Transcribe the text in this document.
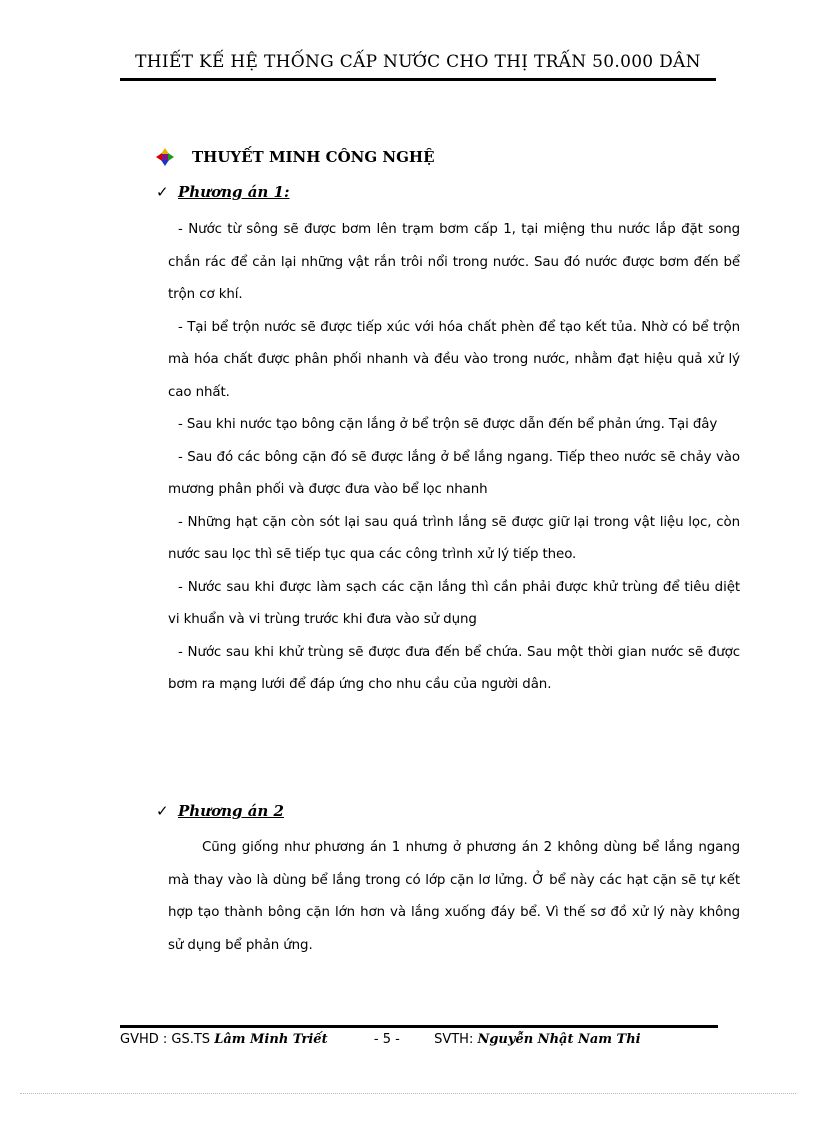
THIẾT KẾ HỆ THỐNG CẤP NƯỚC CHO THỊ TRẤN 50.000 DÂN
THUYẾT MINH CÔNG NGHỆ
✓ Phương án 1:

- Nước từ sông sẽ được bơm lên trạm bơm cấp 1, tại miệng thu nước lắp đặt song chắn rác để cản lại những vật rắn trôi nổi trong nước. Sau đó nước được bơm đến bể trộn cơ khí.

- Tại bể trộn nước sẽ được tiếp xúc với hóa chất phèn để tạo kết tủa. Nhờ có bể trộn mà hóa chất được phân phối nhanh và đều vào trong nước, nhằm đạt hiệu quả xử lý cao nhất.

- Sau khi nước tạo bông cặn lắng ở bể trộn sẽ được dẫn đến bể phản ứng. Tại đây

- Sau đó các bông cặn đó sẽ được lắng ở bể lắng ngang. Tiếp theo nước sẽ chảy vào mương phân phối và được đưa vào bể lọc nhanh

- Những hạt cặn còn sót lại sau quá trình lắng sẽ được giữ lại trong vật liệu lọc, còn nước sau lọc thì sẽ tiếp tục qua các công trình xử lý tiếp theo.

- Nước sau khi được làm sạch các cặn lắng thì cần phải được khử trùng để tiêu diệt vi khuẩn và vi trùng trước khi đưa vào sử dụng

- Nước sau khi khử trùng sẽ được đưa đến bể chứa. Sau một thời gian nước sẽ được bơm ra mạng lưới để đáp ứng cho nhu cầu của người dân.

✓ Phương án 2

Cũng giống như phương án 1 nhưng ở phương án 2 không dùng bể lắng ngang mà thay vào là dùng bể lắng trong có lớp cặn lơ lửng. Ở bể này các hạt cặn sẽ tự kết hợp tạo thành bông cặn lớn hơn và lắng xuống đáy bể. Vì thế sơ đồ xử lý này không sử dụng bể phản ứng.

GVHD : GS.TS Lâm Minh Triết	- 5 -	SVTH: Nguyễn Nhật Nam Thi
